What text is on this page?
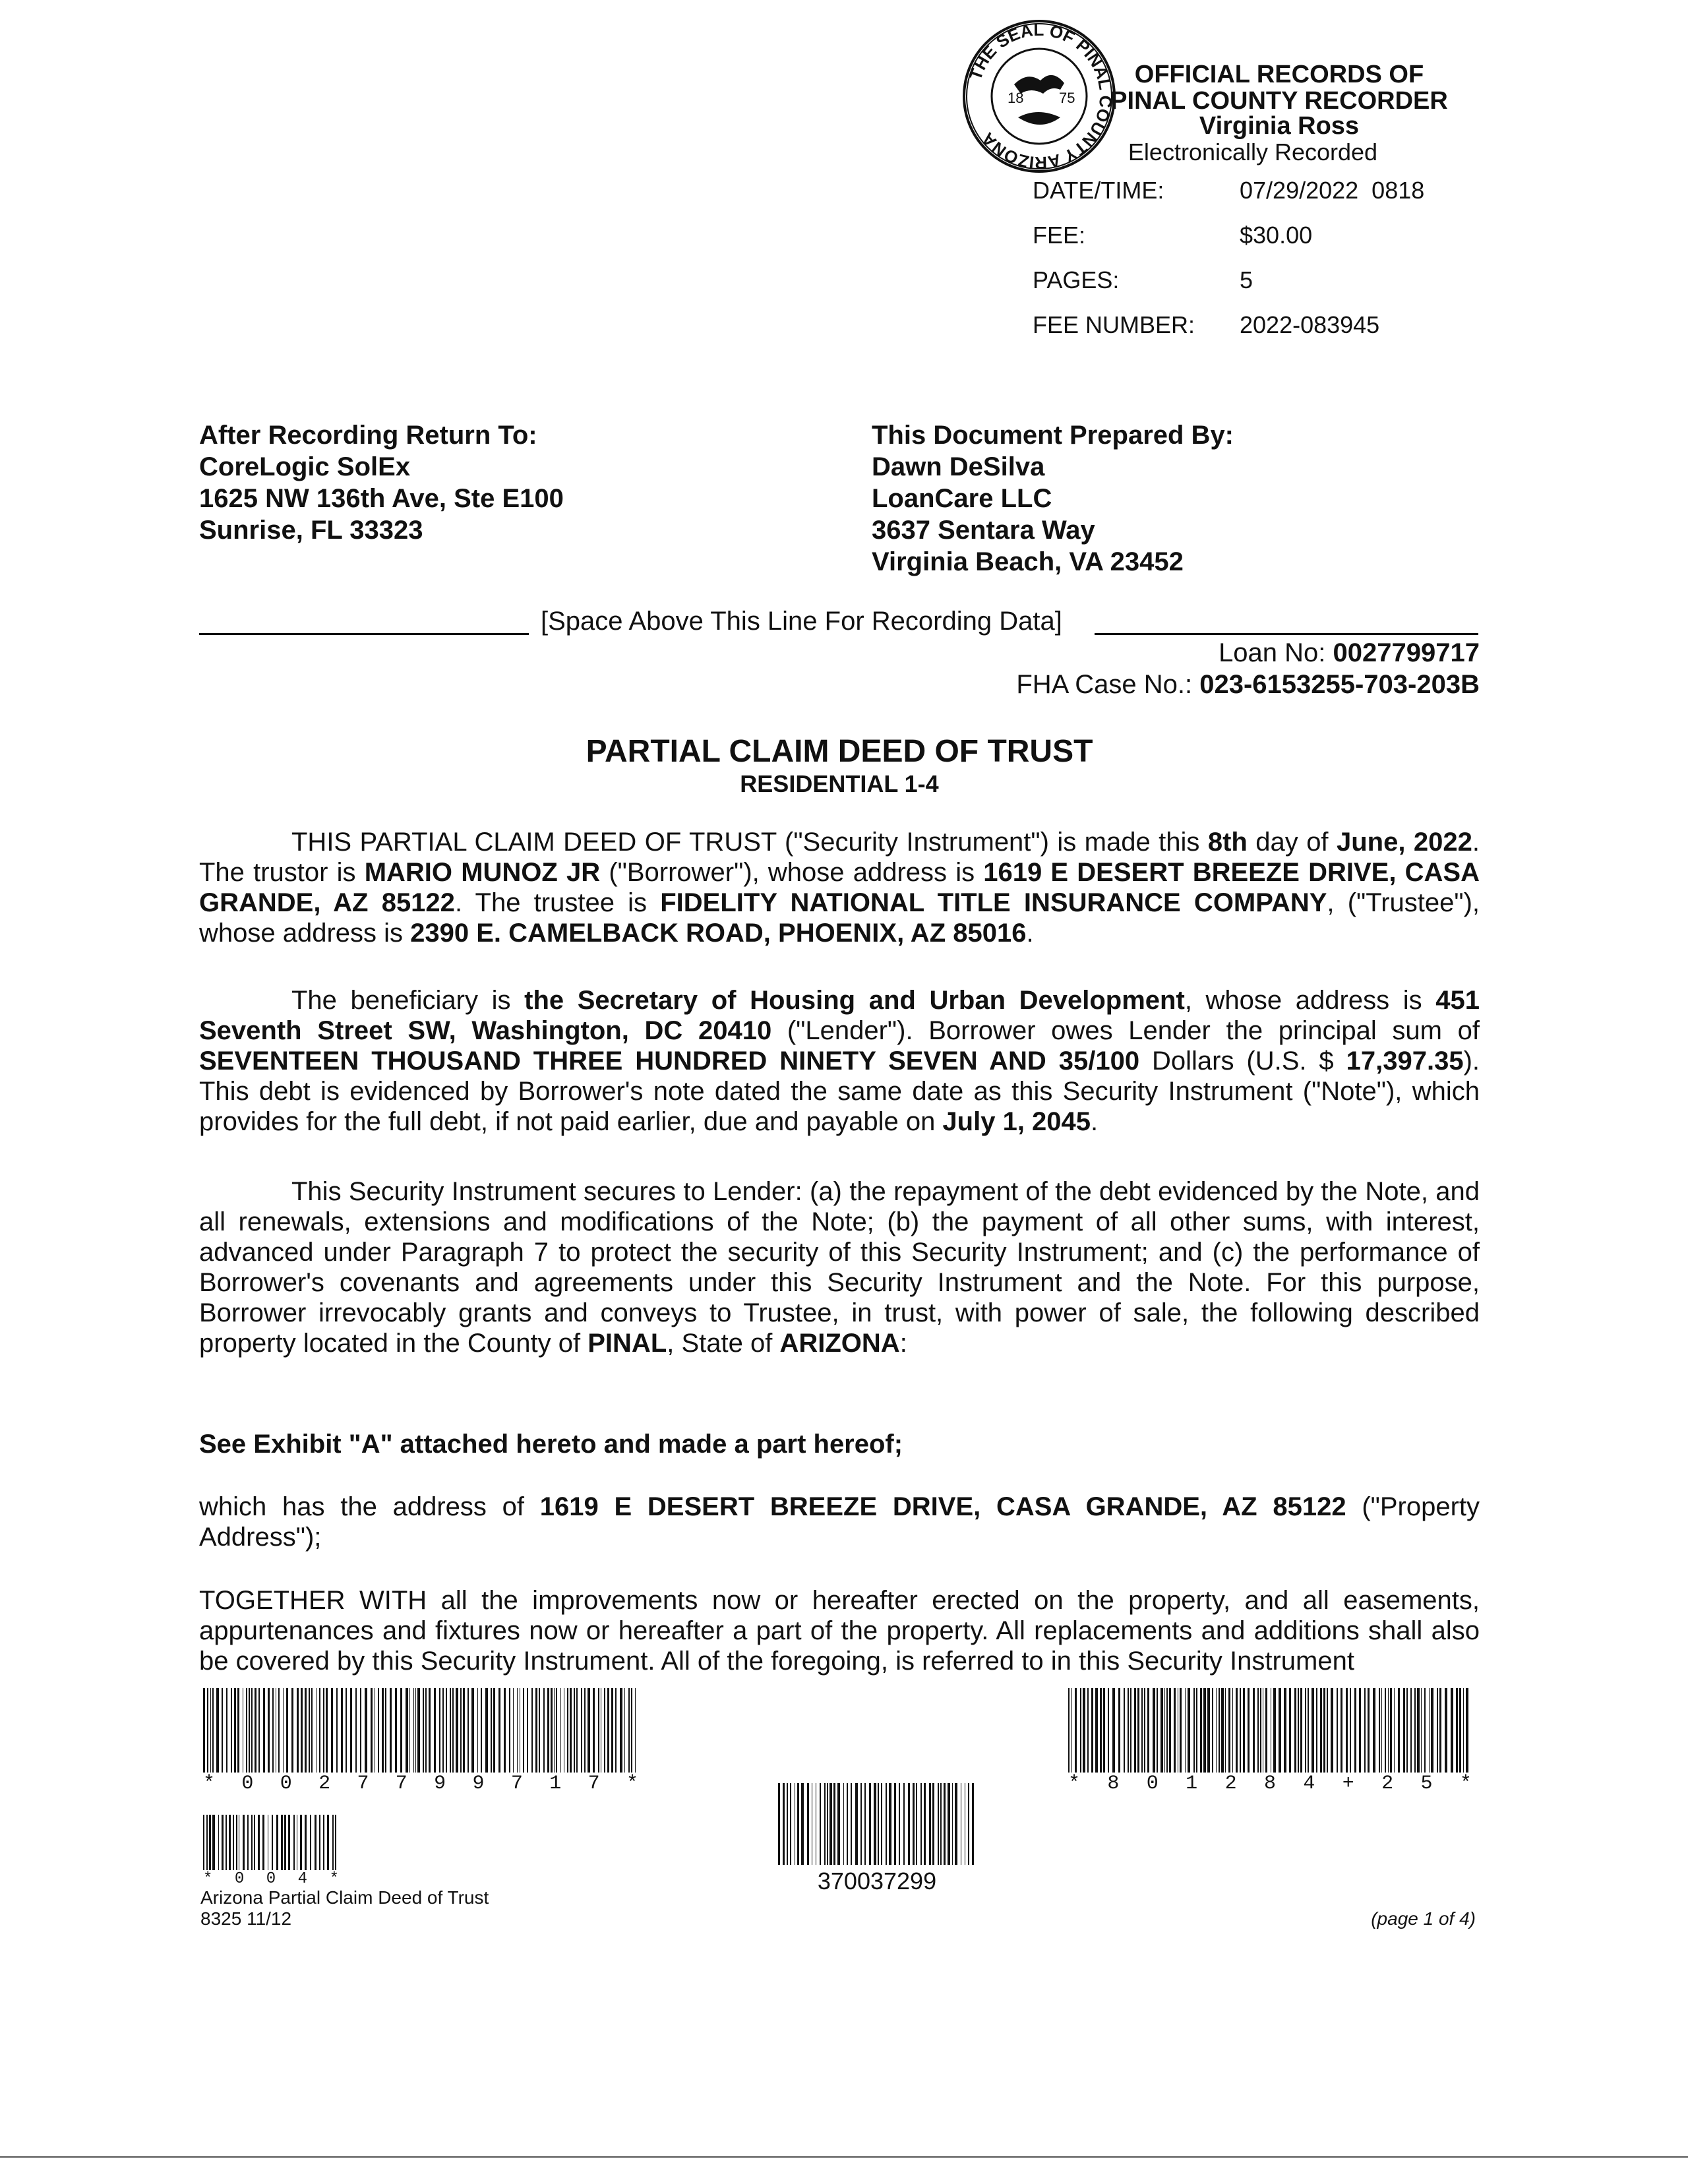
THE SEAL OF PINAL COUNTY ARIZONA
18 75
OFFICIAL RECORDS OF
PINAL COUNTY RECORDER
Virginia Ross
Electronically Recorded
DATE/TIME:	07/29/2022  0818
FEE:	$30.00
PAGES:	5
FEE NUMBER: 2022-083945
After Recording Return To:
CoreLogic SolEx
1625 NW 136th Ave, Ste E100
Sunrise, FL 33323
This Document Prepared By:
Dawn DeSilva
LoanCare LLC
3637 Sentara Way
Virginia Beach, VA 23452
[Space Above This Line For Recording Data]
Loan No: 0027799717
FHA Case No.: 023-6153255-703-203B
PARTIAL CLAIM DEED OF TRUST
RESIDENTIAL 1-4
THIS PARTIAL CLAIM DEED OF TRUST ("Security Instrument") is made this 8th day of June, 2022. The trustor is MARIO MUNOZ JR ("Borrower"), whose address is 1619 E DESERT BREEZE DRIVE, CASA GRANDE, AZ 85122. The trustee is FIDELITY NATIONAL TITLE INSURANCE COMPANY, ("Trustee"), whose address is 2390 E. CAMELBACK ROAD, PHOENIX, AZ 85016.
The beneficiary is the Secretary of Housing and Urban Development, whose address is 451 Seventh Street SW, Washington, DC 20410 ("Lender"). Borrower owes Lender the principal sum of SEVENTEEN THOUSAND THREE HUNDRED NINETY SEVEN AND 35/100 Dollars (U.S. $ 17,397.35). This debt is evidenced by Borrower's note dated the same date as this Security Instrument ("Note"), which provides for the full debt, if not paid earlier, due and payable on July 1, 2045.
This Security Instrument secures to Lender: (a) the repayment of the debt evidenced by the Note, and all renewals, extensions and modifications of the Note; (b) the payment of all other sums, with interest, advanced under Paragraph 7 to protect the security of this Security Instrument; and (c) the performance of Borrower's covenants and agreements under this Security Instrument and the Note. For this purpose, Borrower irrevocably grants and conveys to Trustee, in trust, with power of sale, the following described property located in the County of PINAL, State of ARIZONA:
See Exhibit "A" attached hereto and made a part hereof;
which has the address of 1619 E DESERT BREEZE DRIVE, CASA GRANDE, AZ 85122 ("Property Address");
TOGETHER WITH all the improvements now or hereafter erected on the property, and all easements, appurtenances and fixtures now or hereafter a part of the property. All replacements and additions shall also be covered by this Security Instrument. All of the foregoing, is referred to in this Security Instrument
* 0 0 2 7 7 9 9 7 1 7 *	* 8 0 1 2 8 4 + 2 5 *
370037299
* 0 0 4 *
Arizona Partial Claim Deed of Trust
8325 11/12	(page 1 of 4)
